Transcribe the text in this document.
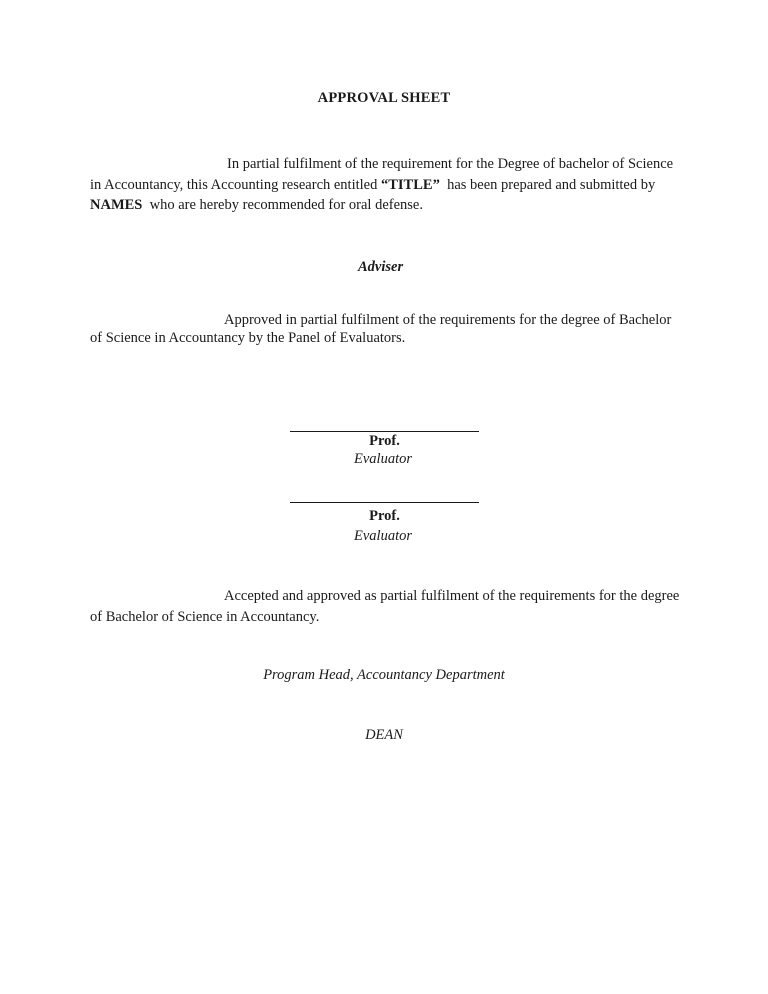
APPROVAL SHEET
In partial fulfilment of the requirement for the Degree of bachelor of Science in Accountancy, this Accounting research entitled “TITLE”  has been prepared and submitted by NAMES  who are hereby recommended for oral defense.
Adviser
Approved in partial fulfilment of the requirements for the degree of Bachelor of Science in Accountancy by the Panel of Evaluators.
Prof.
Evaluator
Prof.
Evaluator
Accepted and approved as partial fulfilment of the requirements for the degree of Bachelor of Science in Accountancy.
Program Head, Accountancy Department
DEAN
